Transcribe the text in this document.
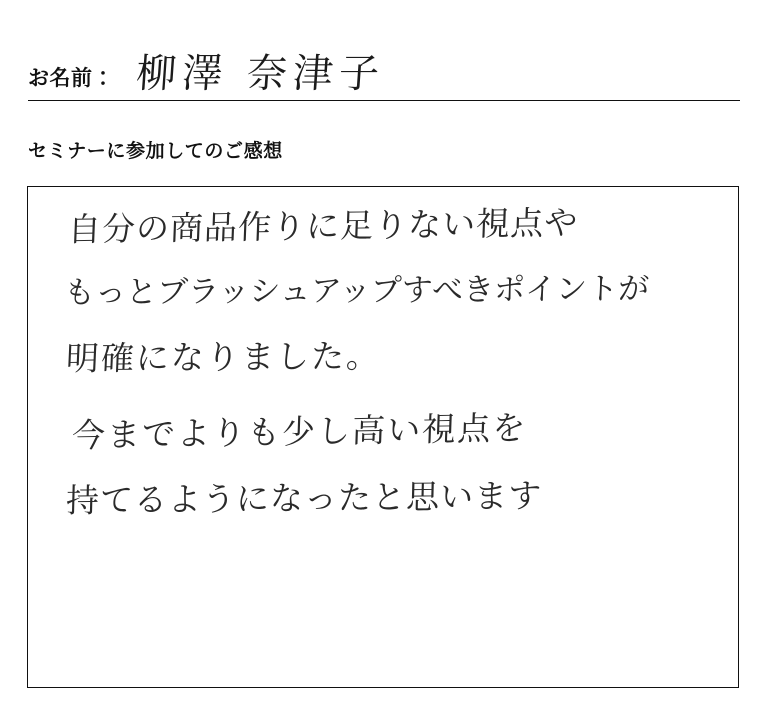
お名前： 柳澤 奈津子
セミナーに参加してのご感想
自分の商品作りに足りない視点や
もっとブラッシュアップすべきポイントが
明確になりました。
今までよりも少し高い視点を
持てるようになったと思います
